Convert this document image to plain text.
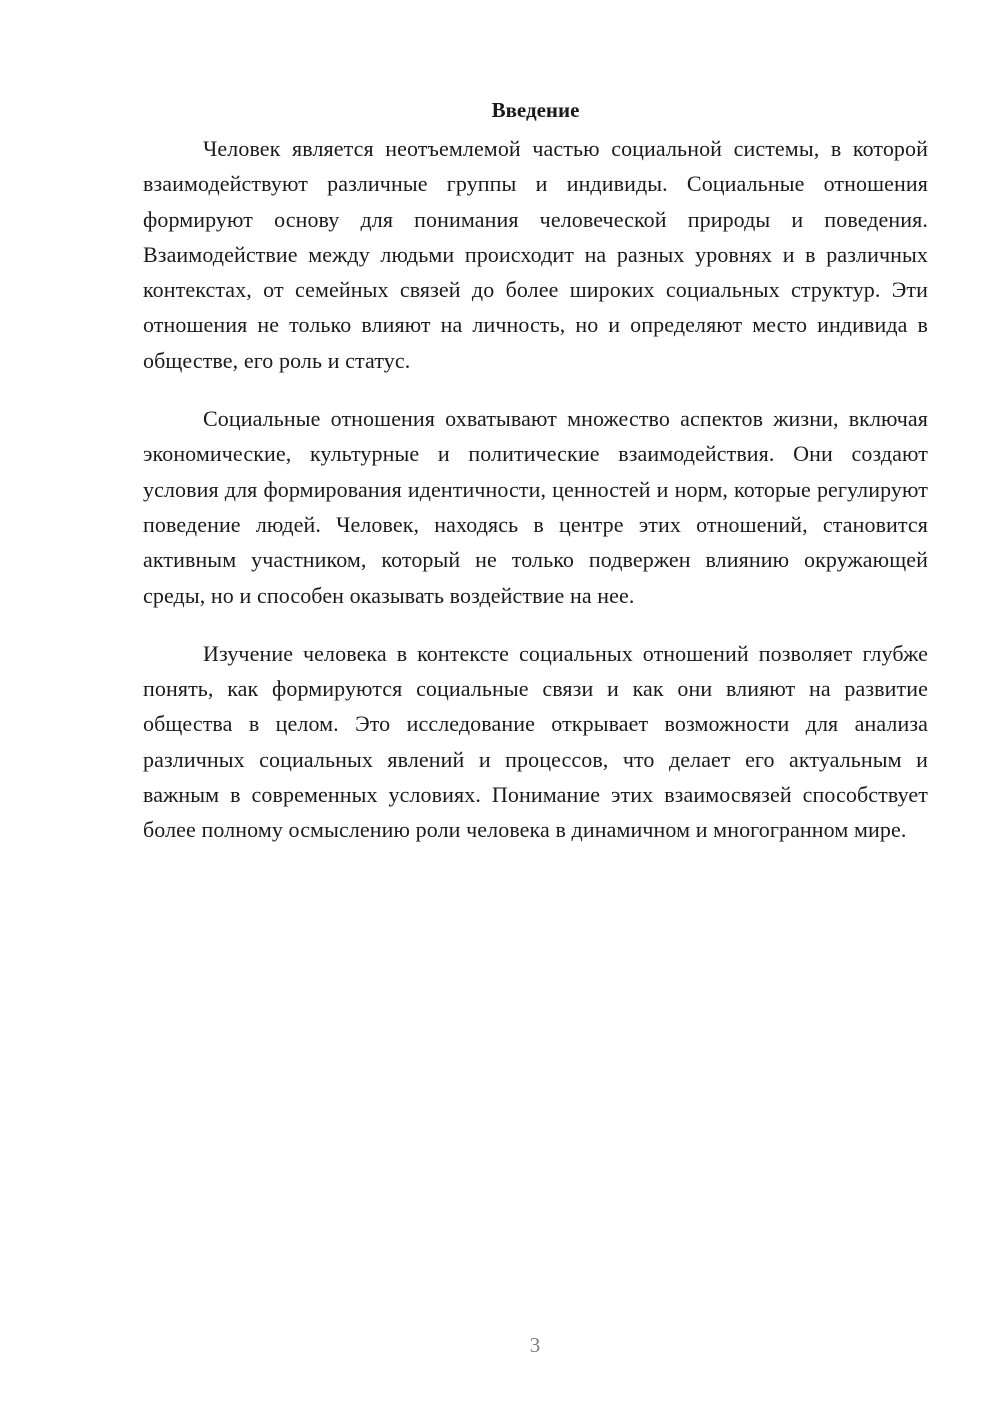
Введение

Человек является неотъемлемой частью социальной системы, в которой взаимодействуют различные группы и индивиды. Социальные отношения формируют основу для понимания человеческой природы и поведения. Взаимодействие между людьми происходит на разных уровнях и в различных контекстах, от семейных связей до более широких социальных структур. Эти отношения не только влияют на личность, но и определяют место индивида в обществе, его роль и статус.

Социальные отношения охватывают множество аспектов жизни, включая экономические, культурные и политические взаимодействия. Они создают условия для формирования идентичности, ценностей и норм, которые регулируют поведение людей. Человек, находясь в центре этих отношений, становится активным участником, который не только подвержен влиянию окружающей среды, но и способен оказывать воздействие на нее.

Изучение человека в контексте социальных отношений позволяет глубже понять, как формируются социальные связи и как они влияют на развитие общества в целом. Это исследование открывает возможности для анализа различных социальных явлений и процессов, что делает его актуальным и важным в современных условиях. Понимание этих взаимосвязей способствует более полному осмыслению роли человека в динамичном и многогранном мире.

3
